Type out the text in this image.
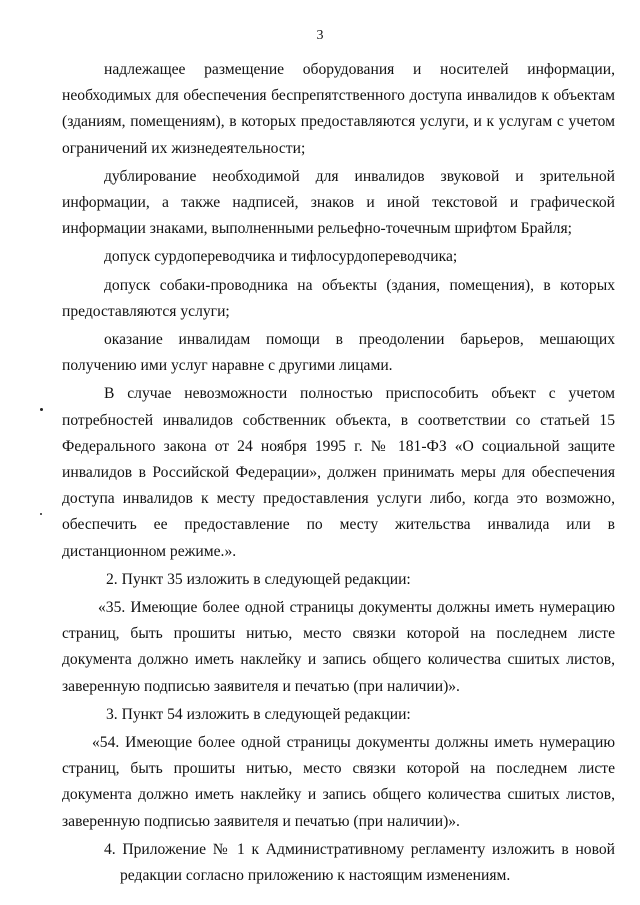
3

надлежащее размещение оборудования и носителей информации, необходимых для обеспечения беспрепятственного доступа инвалидов к объектам (зданиям, помещениям), в которых предоставляются услуги, и к услугам с учетом ограничений их жизнедеятельности;

дублирование необходимой для инвалидов звуковой и зрительной информации, а также надписей, знаков и иной текстовой и графической информации знаками, выполненными рельефно-точечным шрифтом Брайля;

допуск сурдопереводчика и тифлосурдопереводчика;

допуск собаки-проводника на объекты (здания, помещения), в которых предоставляются услуги;

оказание инвалидам помощи в преодолении барьеров, мешающих получению ими услуг наравне с другими лицами.

В случае невозможности полностью приспособить объект с учетом потребностей инвалидов собственник объекта, в соответствии со статьей 15 Федерального закона от 24 ноября 1995 г. № 181-ФЗ «О социальной защите инвалидов в Российской Федерации», должен принимать меры для обеспечения доступа инвалидов к месту предоставления услуги либо, когда это возможно, обеспечить ее предоставление по месту жительства инвалида или в дистанционном режиме.».

2. Пункт 35 изложить в следующей редакции:

«35. Имеющие более одной страницы документы должны иметь нумерацию страниц, быть прошиты нитью, место связки которой на последнем листе документа должно иметь наклейку и запись общего количества сшитых листов, заверенную подписью заявителя и печатью (при наличии)».

3. Пункт 54 изложить в следующей редакции:

«54. Имеющие более одной страницы документы должны иметь нумерацию страниц, быть прошиты нитью, место связки которой на последнем листе документа должно иметь наклейку и запись общего количества сшитых листов, заверенную подписью заявителя и печатью (при наличии)».

4. Приложение № 1 к Административному регламенту изложить в новой

редакции согласно приложению к настоящим изменениям.
